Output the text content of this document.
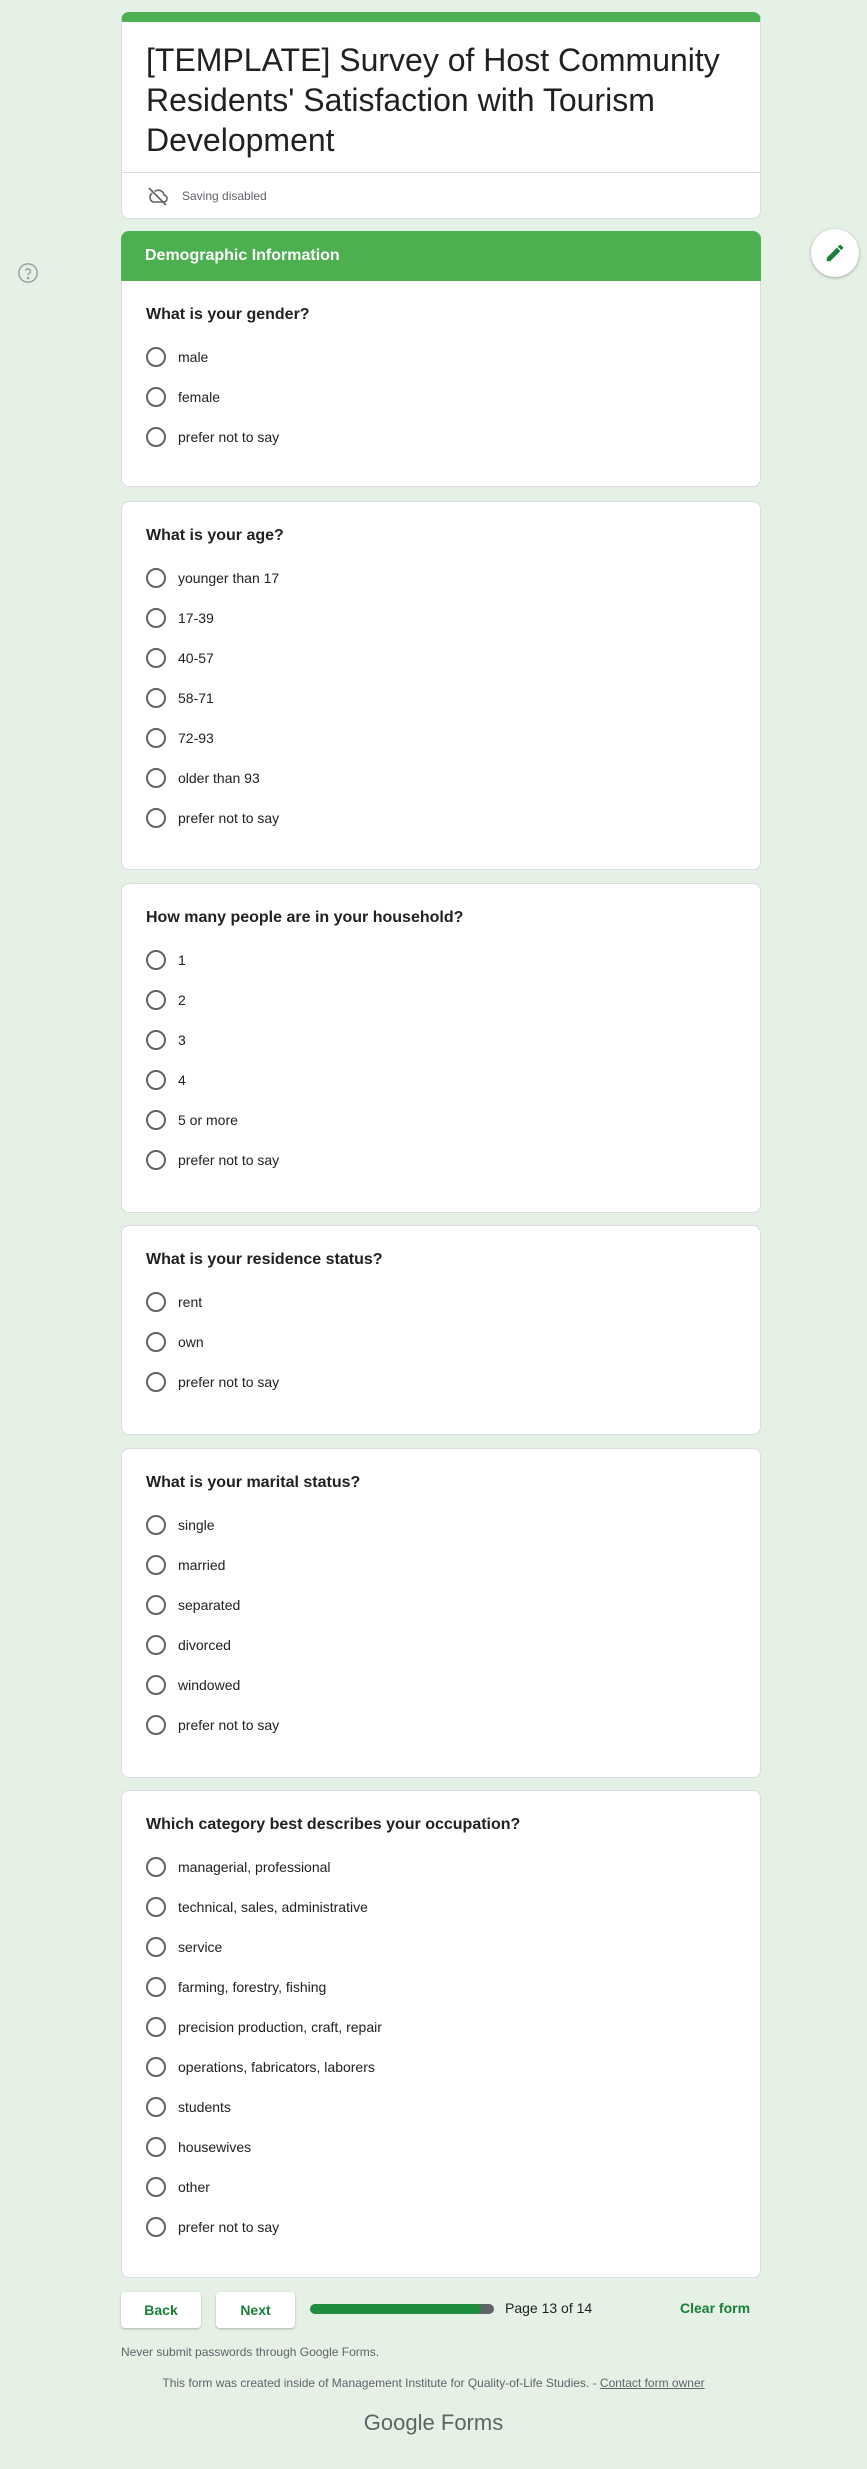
[TEMPLATE] Survey of Host Community Residents' Satisfaction with Tourism Development
Saving disabled
Demographic Information
What is your gender?
male
female
prefer not to say
What is your age?
younger than 17
17-39
40-57
58-71
72-93
older than 93
prefer not to say
How many people are in your household?
1
2
3
4
5 or more
prefer not to say
What is your residence status?
rent
own
prefer not to say
What is your marital status?
single
married
separated
divorced
windowed
prefer not to say
Which category best describes your occupation?
managerial, professional
technical, sales, administrative
service
farming, forestry, fishing
precision production, craft, repair
operations, fabricators, laborers
students
housewives
other
prefer not to say
Back	Next	Page 13 of 14	Clear form
Never submit passwords through Google Forms.
This form was created inside of Management Institute for Quality-of-Life Studies. - Contact form owner
Google Forms
